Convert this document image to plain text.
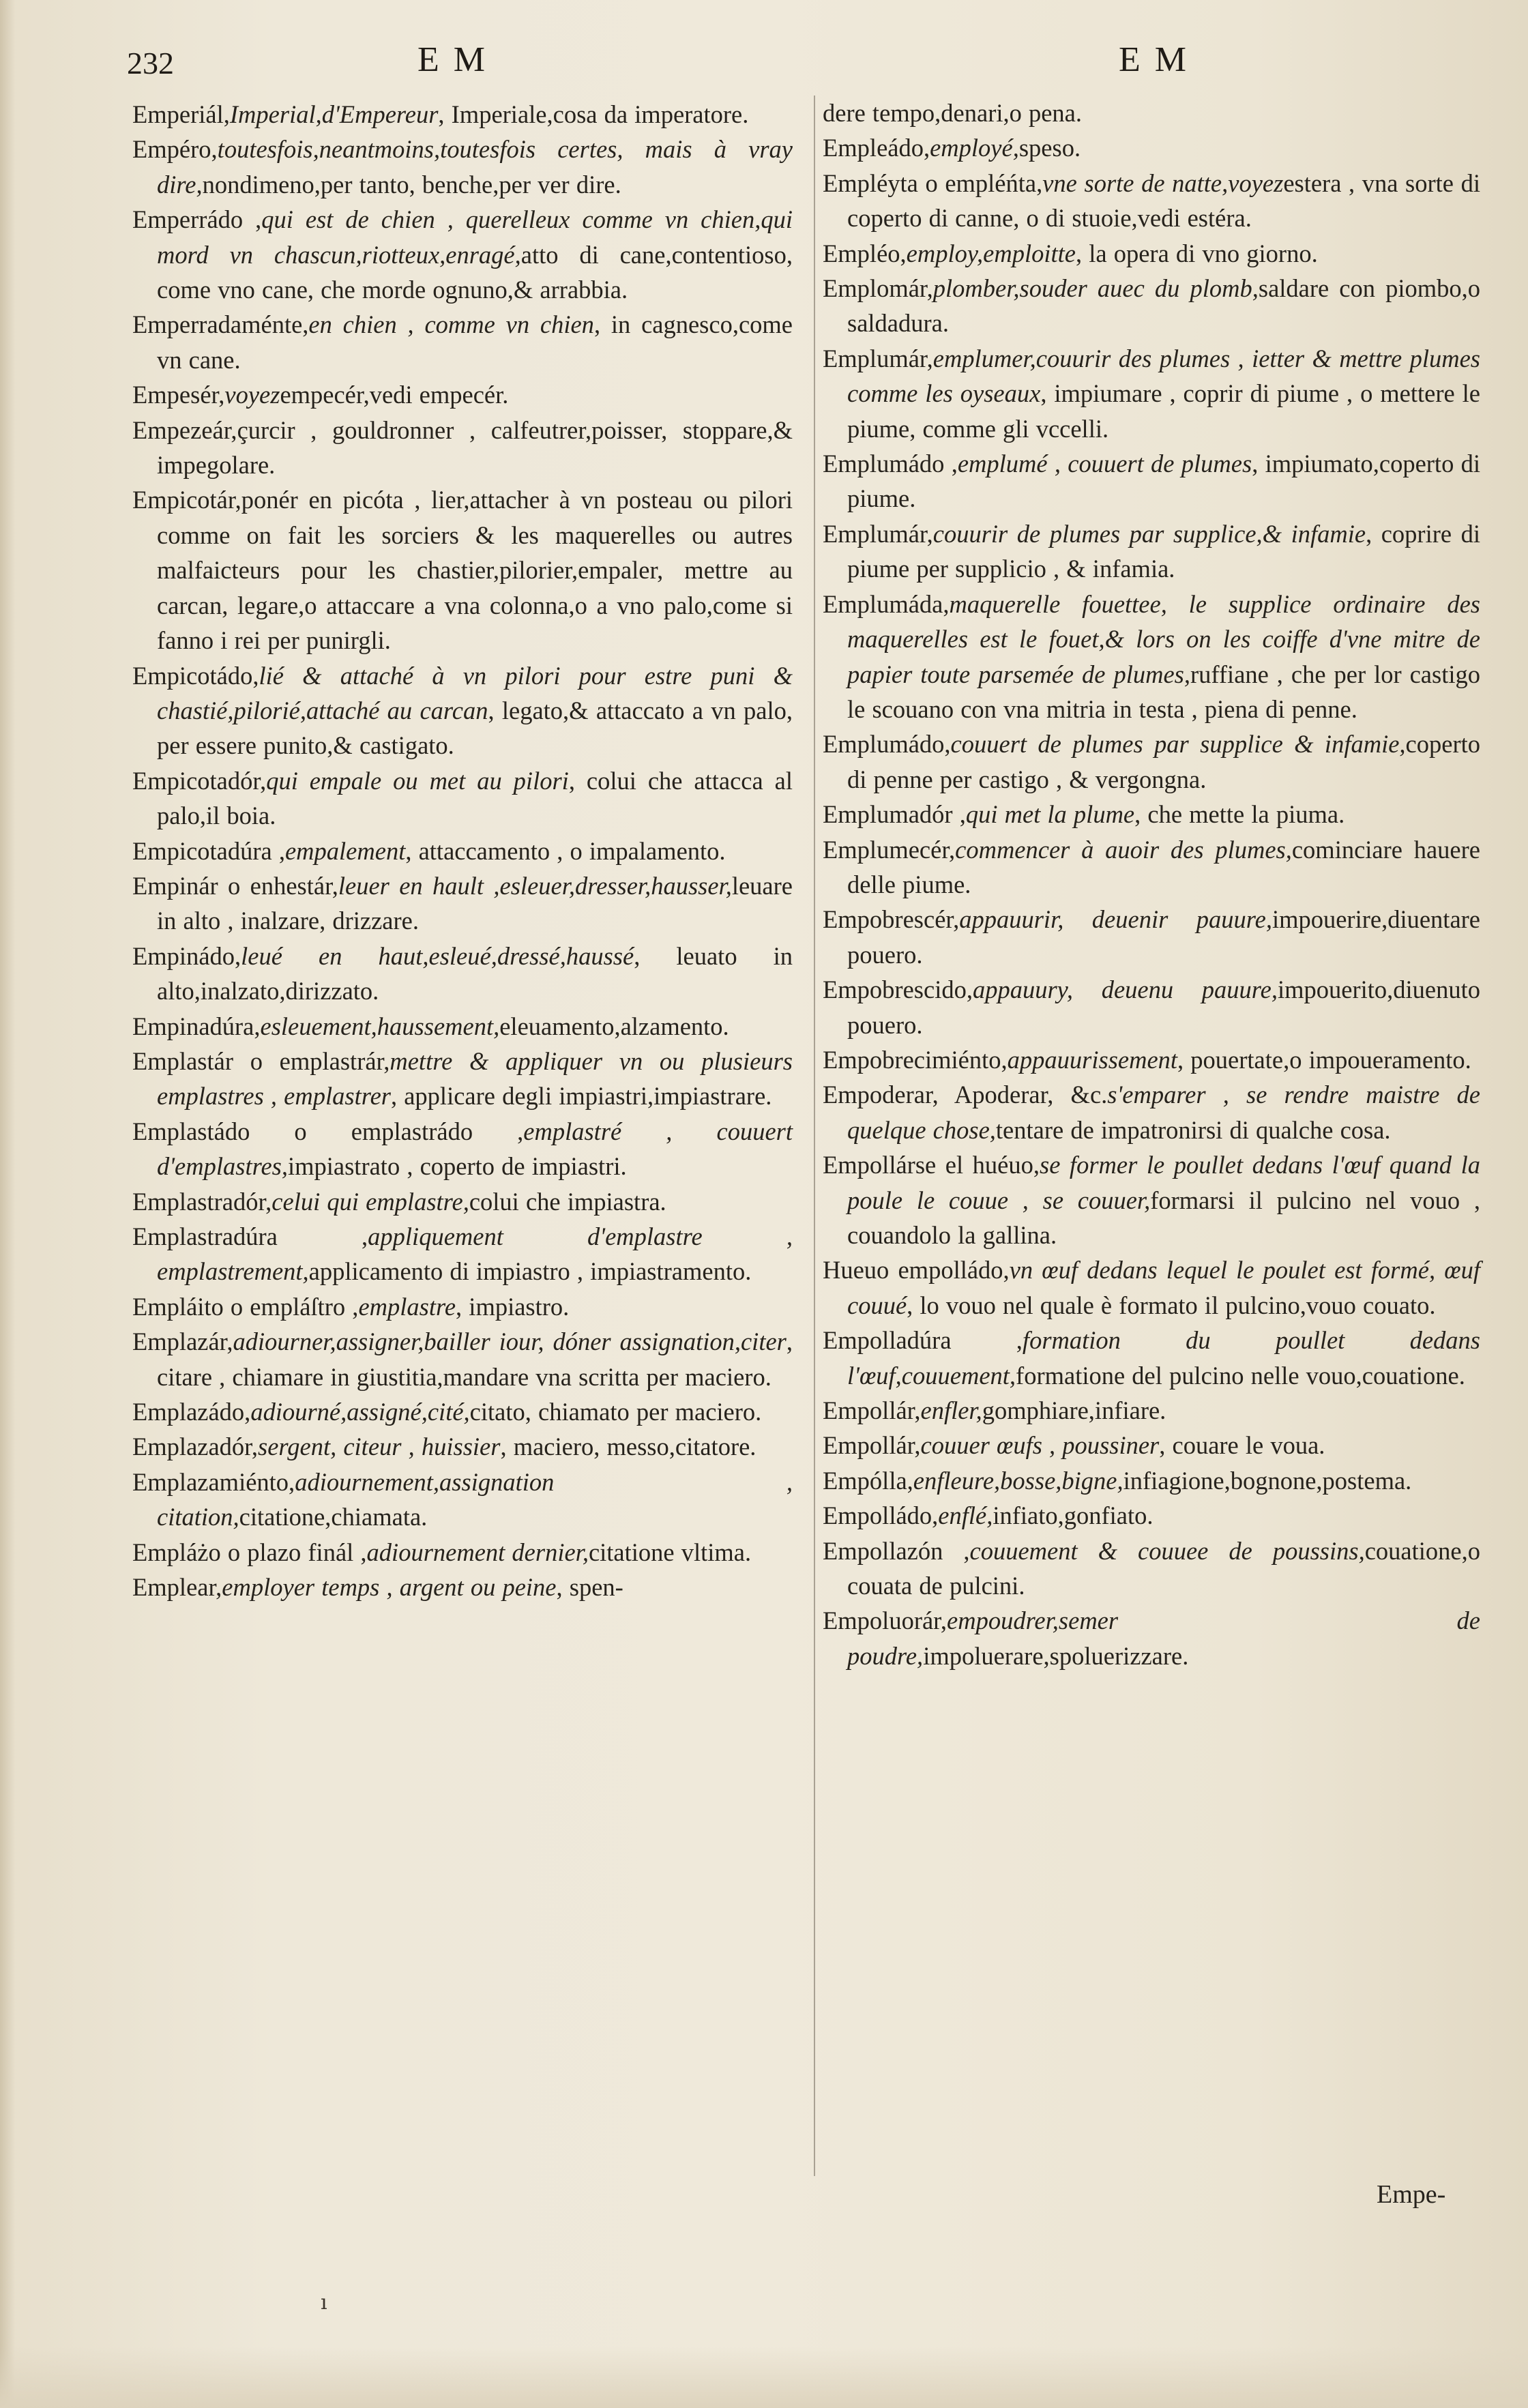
232	E M	E M

Emperiál,Imperial,d'Empereur, Imperiale,cosa da imperatore.

Empéro,toutesfois,neantmoins,toutesfois certes, mais à vray dire,nondimeno,per tanto, benche,per ver dire.

Emperrádo ,qui est de chien , querelleux comme vn chien,qui mord vn chascun,riotteux,enragé,atto di cane,contentioso, come vno cane, che morde ognuno,& arrabbia.

Emperradaménte,en chien , comme vn chien, in cagnesco,come vn cane.

Empesér,voyezempecér,vedi empecér.

Empezeár,çurcir , gouldronner , calfeutrer,poisser, stoppare,& impegolare.

Empicotár,ponér en picóta , lier,attacher à vn posteau ou pilori comme on fait les sorciers & les maquerelles ou autres malfaicteurs pour les chastier,pilorier,empaler, mettre au carcan, legare,o attaccare a vna colonna,o a vno palo,come si fanno i rei per punirgli.

Empicotádo,lié & attaché à vn pilori pour estre puni & chastié,pilorié,attaché au carcan, legato,& attaccato a vn palo, per essere punito,& castigato.

Empicotadór,qui empale ou met au pilori, colui che attacca al palo,il boia.

Empicotadúra ,empalement, attaccamento , o impalamento.

Empinár o enhestár,leuer en hault ,esleuer,dresser,hausser,leuare in alto , inalzare, drizzare.

Empinádo,leué en haut,esleué,dressé,haussé, leuato in alto,inalzato,dirizzato.

Empinadúra,esleuement,haussement,eleuamento,alzamento.

Emplastár o emplastrár,mettre & appliquer vn ou plusieurs emplastres , emplastrer, applicare degli impiastri,impiastrare.

Emplastádo o emplastrádo ,emplastré , couuert d'emplastres,impiastrato , coperto de impiastri.

Emplastradór,celui qui emplastre,colui che impiastra.

Emplastradúra ,appliquement d'emplastre , emplastrement,applicamento di impiastro , impiastramento.

Empláito o empláſtro ,emplastre, impiastro.

Emplazár,adiourner,assigner,bailler iour, dóner assignation,citer, citare , chiamare in giustitia,mandare vna scritta per maciero.

Emplazádo,adiourné,assigné,cité,citato, chiamato per maciero.

Emplazadór,sergent, citeur , huissier, maciero, messo,citatore.

Emplazamiénto,adiournement,assignation , citation,citatione,chiamata.

Empláżo o plazo finál ,adiournement dernier,citatione vltima.

Emplear,employer temps , argent ou peine, spen-

dere tempo,denari,o pena.

Empleádo,employé,speso.

Empléyta o empléńta,vne sorte de natte,voyezestera , vna sorte di coperto di canne, o di stuoie,vedi estéra.

Empléo,employ,emploitte, la opera di vno giorno.

Emplomár,plomber,souder auec du plomb,saldare con piombo,o saldadura.

Emplumár,emplumer,couurir des plumes , ietter & mettre plumes comme les oyseaux, impiumare , coprir di piume , o mettere le piume, comme gli vccelli.

Emplumádo ,emplumé , couuert de plumes, impiumato,coperto di piume.

Emplumár,couurir de plumes par supplice,& infamie, coprire di piume per supplicio , & infamia.

Emplumáda,maquerelle fouettee, le supplice ordinaire des maquerelles est le fouet,& lors on les coiffe d'vne mitre de papier toute parsemée de plumes,ruffiane , che per lor castigo le scouano con vna mitria in testa , piena di penne.

Emplumádo,couuert de plumes par supplice & infamie,coperto di penne per castigo , & vergongna.

Emplumadór ,qui met la plume, che mette la piuma.

Emplumecér,commencer à auoir des plumes,cominciare hauere delle piume.

Empobrescér,appauurir, deuenir pauure,impouerire,diuentare pouero.

Empobrescido,appauury, deuenu pauure,impouerito,diuenuto pouero.

Empobrecimiénto,appauurissement, pouertate,o impoueramento.

Empoderar, Apoderar, &c.s'emparer , se rendre maistre de quelque chose,tentare de impatronirsi di qualche cosa.

Empollárse el huéuo,se former le poullet dedans l'œuf quand la poule le couue , se couuer,formarsi il pulcino nel vouo , couandolo la gallina.

Hueuo empolládo,vn œuf dedans lequel le poulet est formé, œuf couué, lo vouo nel quale è formato il pulcino,vouo couato.

Empolladúra ,formation du poullet dedans l'œuf,couuement,formatione del pulcino nelle vouo,couatione.

Empollár,enfler,gomphiare,infiare.

Empollár,couuer œufs , poussiner, couare le voua.

Empólla,enfleure,bosse,bigne,infiagione,bognone,postema.

Empolládo,enflé,infiato,gonfiato.

Empollazón ,couuement & couuee de poussins,couatione,o couata de pulcini.

Empoluorár,empoudrer,semer de poudre,impoluerare,spoluerizzare.

Empe-
ı
